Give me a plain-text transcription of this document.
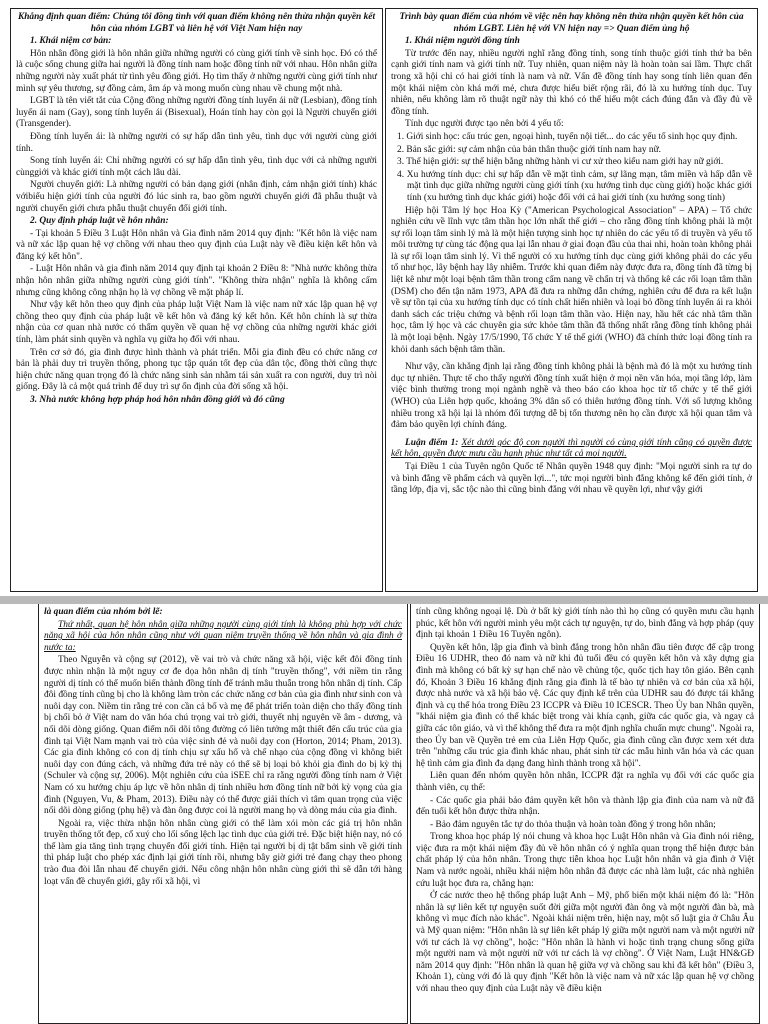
Khẳng định quan điểm: Chúng tôi đồng tình với quan điểm không nên thừa nhận quyền kết hôn của nhóm LGBT và liên hệ với Việt Nam hiện nay

1. Khái niệm cơ bản:

Hôn nhân đồng giới là hôn nhân giữa những người có cùng giới tính về sinh học. Đó có thể là cuộc sống chung giữa hai người là đồng tính nam hoặc đồng tính nữ với nhau. Hôn nhân giữa những người này xuất phát từ tình yêu đồng giới. Họ tìm thấy ở những người cùng giới tính như mình sự yêu thương, sự đồng cảm, âm áp và mong muốn cùng nhau về chung một nhà.

LGBT là tên viết tắt của Cộng đồng những người đồng tính luyến ái nữ (Lesbian), đồng tính luyến ái nam (Gay), song tính luyến ái (Bisexual), Hoán tính hay còn gọi là Người chuyển giới (Transgender).

Đồng tính luyến ái: là những người có sự hấp dẫn tình yêu, tình dục với người cùng giới tính.

Song tính luyến ái: Chỉ những người có sự hấp dẫn tình yêu, tình dục với cả những người cùnggiới và khác giới tính một cách lâu dài.

Người chuyển giới: Là những người có bản dạng giới (nhân định, cảm nhận giới tính) khác vớibiểu hiện giới tính của người đó lúc sinh ra, bao gồm người chuyển giới đã phẫu thuật và người chuyển giới chưa phẫu thuật chuyển đổi giới tính.

2. Quy định pháp luật về hôn nhân:

- Tại khoản 5 Điều 3 Luật Hôn nhân và Gia đình năm 2014 quy định: "Kết hôn là việc nam và nữ xác lập quan hệ vợ chồng với nhau theo quy định của Luật này về điều kiện kết hôn và đăng ký kết hôn".

- Luật Hôn nhân và gia đình năm 2014 quy định tại khoản 2 Điều 8: "Nhà nước không thừa nhận hôn nhân giữa những người cùng giới tính". "Không thừa nhận" nghĩa là không cấm nhưng cũng không công nhận họ là vợ chồng về mặt pháp lí.

Như vậy kết hôn theo quy định của pháp luật Việt Nam là việc nam nữ xác lập quan hệ vợ chồng theo quy định của pháp luật về kết hôn và đăng ký kết hôn. Kết hôn chính là sự thừa nhận của cơ quan nhà nước có thẩm quyền về quan hệ vợ chồng của những người khác giới tính, làm phát sinh quyền và nghĩa vụ giữa họ đối với nhau.

Trên cơ sở đó, gia đình được hình thành và phát triển. Mỗi gia đình đều có chức năng cơ bản là phải duy trì truyền thống, phong tục tập quán tốt đẹp của dân tộc, đồng thời cũng thực hiện chức năng quan trọng đó là chức năng sinh sản nhằm tái sản xuất ra con người, duy trì nòi giống. Đây là cả một quá trình để duy trì sự ổn định của đời sống xã hội.

3. Nhà nước không hợp pháp hoá hôn nhân đồng giới và đó cũng

Trình bày quan điểm của nhóm về việc nên hay không nên thừa nhận quyền kết hôn của nhóm LGBT. Liên hệ với VN hiện nay => Quan điểm ủng hộ

1. Khái niệm người đồng tính

Từ trước đến nay, nhiều người nghĩ rằng đồng tính, song tính thuộc giới tính thứ ba bên cạnh giới tính nam và giới tính nữ. Tuy nhiên, quan niệm này là hoàn toàn sai lầm. Thực chất trong xã hội chỉ có hai giới tính là nam và nữ. Vấn đề đồng tính hay song tính liên quan đến một khái niệm còn khá mới mẻ, chưa được hiểu biết rộng rãi, đó là xu hướng tính dục. Tuy nhiên, nếu không làm rõ thuật ngữ này thì khó có thể hiểu một cách đúng đắn và đầy đủ về đồng tính.

Tính dục người được tạo nên bởi 4 yếu tố:

1. Giới sinh học: cấu trúc gen, ngoại hình, tuyến nội tiết... do các yếu tố sinh học quy định.

2. Bản sắc giới: sự cảm nhận của bản thân thuộc giới tính nam hay nữ.

3. Thể hiện giới: sự thể hiện bằng những hành vi cư xử theo kiểu nam giới hay nữ giới.

4. Xu hướng tính dục: chỉ sự hấp dẫn về mặt tình cảm, sự lãng mạn, tâm miền và hấp dẫn về mặt tình dục giữa những người cùng giới tính (xu hướng tình dục cùng giới) hoặc khác giới tính (xu hướng tình dục khác giới) hoặc đối với cả hai giới tính (xu hướng song tính)

Hiệp hội Tâm lý học Hoa Kỳ ("American Psychological Association" – APA) – Tổ chức nghiên cứu về lĩnh vực tâm thần học lớn nhất thế giới – cho rằng đồng tính không phải là một sự rối loạn tâm sinh lý mà là một hiện tượng sinh học tự nhiên do các yếu tố di truyền và yếu tố môi trường tự cùng tác động qua lại lẫn nhau ở giai đoạn đầu của thai nhi, hoàn toàn không phải là sự rối loạn tâm sinh lý. Vì thế người có xu hướng tính dục cùng giới không phải do các yếu tố như học, lây bệnh hay lây nhiễm. Trước khi quan điểm này được đưa ra, đồng tính đã từng bị liệt kê như một loại bệnh tâm thần trong cẩm nang về chẩn trị và thống kê các rối loạn tâm thần (DSM) cho đến tận năm 1973, APA đã đưa ra những dẫn chứng, nghiên cứu để đưa ra kết luận về sự tồn tại của xu hướng tính dục có tính chất hiển nhiên và loại bỏ đồng tính luyến ái ra khỏi danh sách các triệu chứng và bệnh rối loạn tâm thần vào. Hiện nay, hầu hết các nhà tâm thần học, tâm lý học và các chuyên gia sức khỏe tâm thần đã thống nhất rằng đồng tính không phải là một loại bệnh. Ngày 17/5/1990, Tổ chức Y tế thế giới (WHO) đã chính thức loại đồng tính ra khỏi danh sách bệnh tâm thần.

Như vậy, cần khẳng định lại rằng đồng tính không phải là bệnh mà đó là một xu hướng tính dục tự nhiên. Thực tế cho thấy người đồng tính xuất hiện ở mọi nền văn hóa, mọi tầng lớp, làm việc bình thường trong mọi ngành nghề và theo báo cáo khoa học từ tổ chức y tế thế giới (WHO) của Liên hợp quốc, khoảng 3% dân số có thiên hướng đồng tính. Với số lượng không nhiều trong xã hội lại là nhóm đối tượng dễ bị tổn thương nên họ cần được xã hội quan tâm và đảm bảo quyền lợi chính đáng.

Luận điểm 1: Xét dưới góc độ con người thì người có cùng giới tính cũng có quyền được kết hôn, quyền được mưu cầu hạnh phúc như tất cả mọi người.

Tại Điều 1 của Tuyên ngôn Quốc tế Nhân quyền 1948 quy định: "Mọi người sinh ra tự do và bình đẳng về phẩm cách và quyền lợi...", tức mọi người bình đẳng không kể đến giới tính, ở tầng lớp, địa vị, sắc tộc nào thì cũng bình đẳng với nhau về quyền lợi, như vậy giới

là quan điểm của nhóm bởi lẽ:

Thứ nhất, quan hệ hôn nhân giữa những người cùng giới tính là không phù hợp với chức năng xã hội của hôn nhân cũng như với quan niệm truyền thống về hôn nhân và gia đình ở nước ta:

Theo Nguyễn và cộng sự (2012), về vai trò và chức năng xã hội, việc kết đôi đồng tính được nhìn nhận là một nguy cơ đe dọa hôn nhân dị tính "truyền thống", với niềm tin rằng người dị tính có thể muốn biến thành đồng tính để tránh mâu thuẫn trong hôn nhân dị tính. Cấp đôi đồng tính cũng bị cho là không làm tròn các chức năng cơ bản của gia đình như sinh con và nuôi dạy con. Niềm tin rằng trẻ con cần cả bố và mẹ để phát triển toàn diện cho thấy đồng tính bị chối bỏ ở Việt nam do văn hóa chú trọng vai trò giới, thuyết nhị nguyên về âm - dương, và nối dõi dòng giống. Quan điểm nối dõi tông đường có liên tưởng mật thiết đến cấu trúc của gia đình tại Việt Nam mạnh vai trò của việc sinh đẻ và nuôi dạy con (Horton, 2014; Pham, 2013). Các gia đình không có con dị tính chịu sự xấu hổ và chế nhạo của cộng đồng vì không biết nuôi dạy con đúng cách, và những đứa trẻ này có thể sẽ bị loại bỏ khỏi gia đình do bị kỳ thị (Schuler và cộng sự, 2006). Một nghiên cứu của iSEE chỉ ra rằng người đồng tính nam ở Việt Nam có xu hướng chịu áp lực về hôn nhân dị tính nhiều hơn đồng tính nữ bởi kỳ vọng của gia đình (Nguyen, Vu, & Pham, 2013). Điều này có thể được giải thích vì tâm quan trọng của việc nối dõi dòng giống (phụ hệ) và đàn ông được coi là người mang họ và dòng máu của gia đình.

Ngoài ra, việc thừa nhận hôn nhân cùng giới có thể làm xói mòn các giá trị hôn nhân truyền thống tốt đẹp, cổ xuý cho lối sống lệch lạc tình dục của giới trẻ. Đặc biệt hiện nay, nó có thể làm gia tăng tình trạng chuyển đổi giới tính. Hiện tại người bị dị tật bẩm sinh về giới tính thì pháp luật cho phép xác định lại giới tính rồi, nhưng bây giờ giới trẻ đang chạy theo phong trào đua đòi lẫn nhau để chuyển giới. Nếu công nhận hôn nhân cùng giới thì sẽ dẫn tới hàng loạt vấn đề chuyển giới, gây rối xã hội, vì

tính cũng không ngoại lệ. Dù ở bất kỳ giới tính nào thì họ cũng có quyền mưu cầu hạnh phúc, kết hôn với người mình yêu một cách tự nguyện, tự do, bình đẳng và hợp pháp (quy định tại khoản 1 Điều 16 Tuyên ngôn).

Quyền kết hôn, lập gia đình và bình đẳng trong hôn nhân đầu tiên được để cập trong Điều 16 UDHR, theo đó nam và nữ khi đủ tuổi đều có quyền kết hôn và xây dựng gia đình mà không có bất kỳ sự hạn chế nào về chủng tộc, quốc tịch hay tôn giáo. Bên cạnh đó, Khoản 3 Điều 16 khẳng định rằng gia đình là tế bào tự nhiên và cơ bản của xã hội, được nhà nước và xã hội bảo vệ. Các quy định kể trên của UDHR sau đó được tái khẳng định và cụ thể hóa trong Điều 23 ICCPR và Điều 10 ICESCR. Theo Ủy ban Nhân quyền, "khái niệm gia đình có thể khác biệt trong vài khía cạnh, giữa các quốc gia, và ngay cả giữa các tôn giáo, và vì thế không thể đưa ra một định nghĩa chuẩn mực chung". Ngoài ra, theo Ủy ban về Quyền trẻ em của Liên Hợp Quốc, gia đình cũng cần được xem xét dưa trên "những cấu trúc gia đình khác nhau, phát sinh từ các mẫu hình văn hóa và các quan hệ tình cảm gia đình đa dạng đang hình thành trong xã hội".

Liên quan đến nhóm quyền hôn nhân, ICCPR đặt ra nghĩa vụ đối với các quốc gia thành viên, cụ thể:

- Các quốc gia phải bảo đảm quyền kết hôn và thành lập gia đình của nam và nữ đã đến tuổi kết hôn được thừa nhận.

- Bảo đảm nguyên tắc tự do thỏa thuận và hoàn toàn đồng ý trong hôn nhân;

Trong khoa học pháp lý nói chung và khoa học Luật Hôn nhân và Gia đình nói riêng, việc đưa ra một khái niệm đầy đủ về hôn nhân có ý nghĩa quan trọng thể hiện được bản chất pháp lý của hôn nhân. Trong thực tiễn khoa học Luật hôn nhân và gia đình ở Việt Nam và nước ngoài, nhiều khái niệm hôn nhân đã được các nhà làm luật, các nhà nghiên cứu luật học đưa ra, chẳng hạn:

Ở các nước theo hệ thống pháp luật Anh – Mỹ, phổ biến một khái niệm đó là: "Hôn nhân là sự liên kết tự nguyện suốt đời giữa một người đàn ông và một người đàn bà, mà không vì mục đích nào khác". Ngoài khái niệm trên, hiện nay, một số luật gia ở Châu Âu và Mỹ quan niệm: "Hôn nhân là sự liên kết pháp lý giữa một người nam và một người nữ với tư cách là vợ chồng", hoặc: "Hôn nhân là hành vi hoặc tình trạng chung sống giữa một người nam và một người nữ với tư cách là vợ chồng". Ở Việt Nam, Luật HN&GĐ năm 2014 quy định: "Hôn nhân là quan hệ giữa vợ và chồng sau khi đã kết hôn" (Điều 3, Khoản 1), cùng với đó là quy định "Kết hôn là việc nam và nữ xác lập quan hệ vợ chồng với nhau theo quy định của Luật này về điều kiện
